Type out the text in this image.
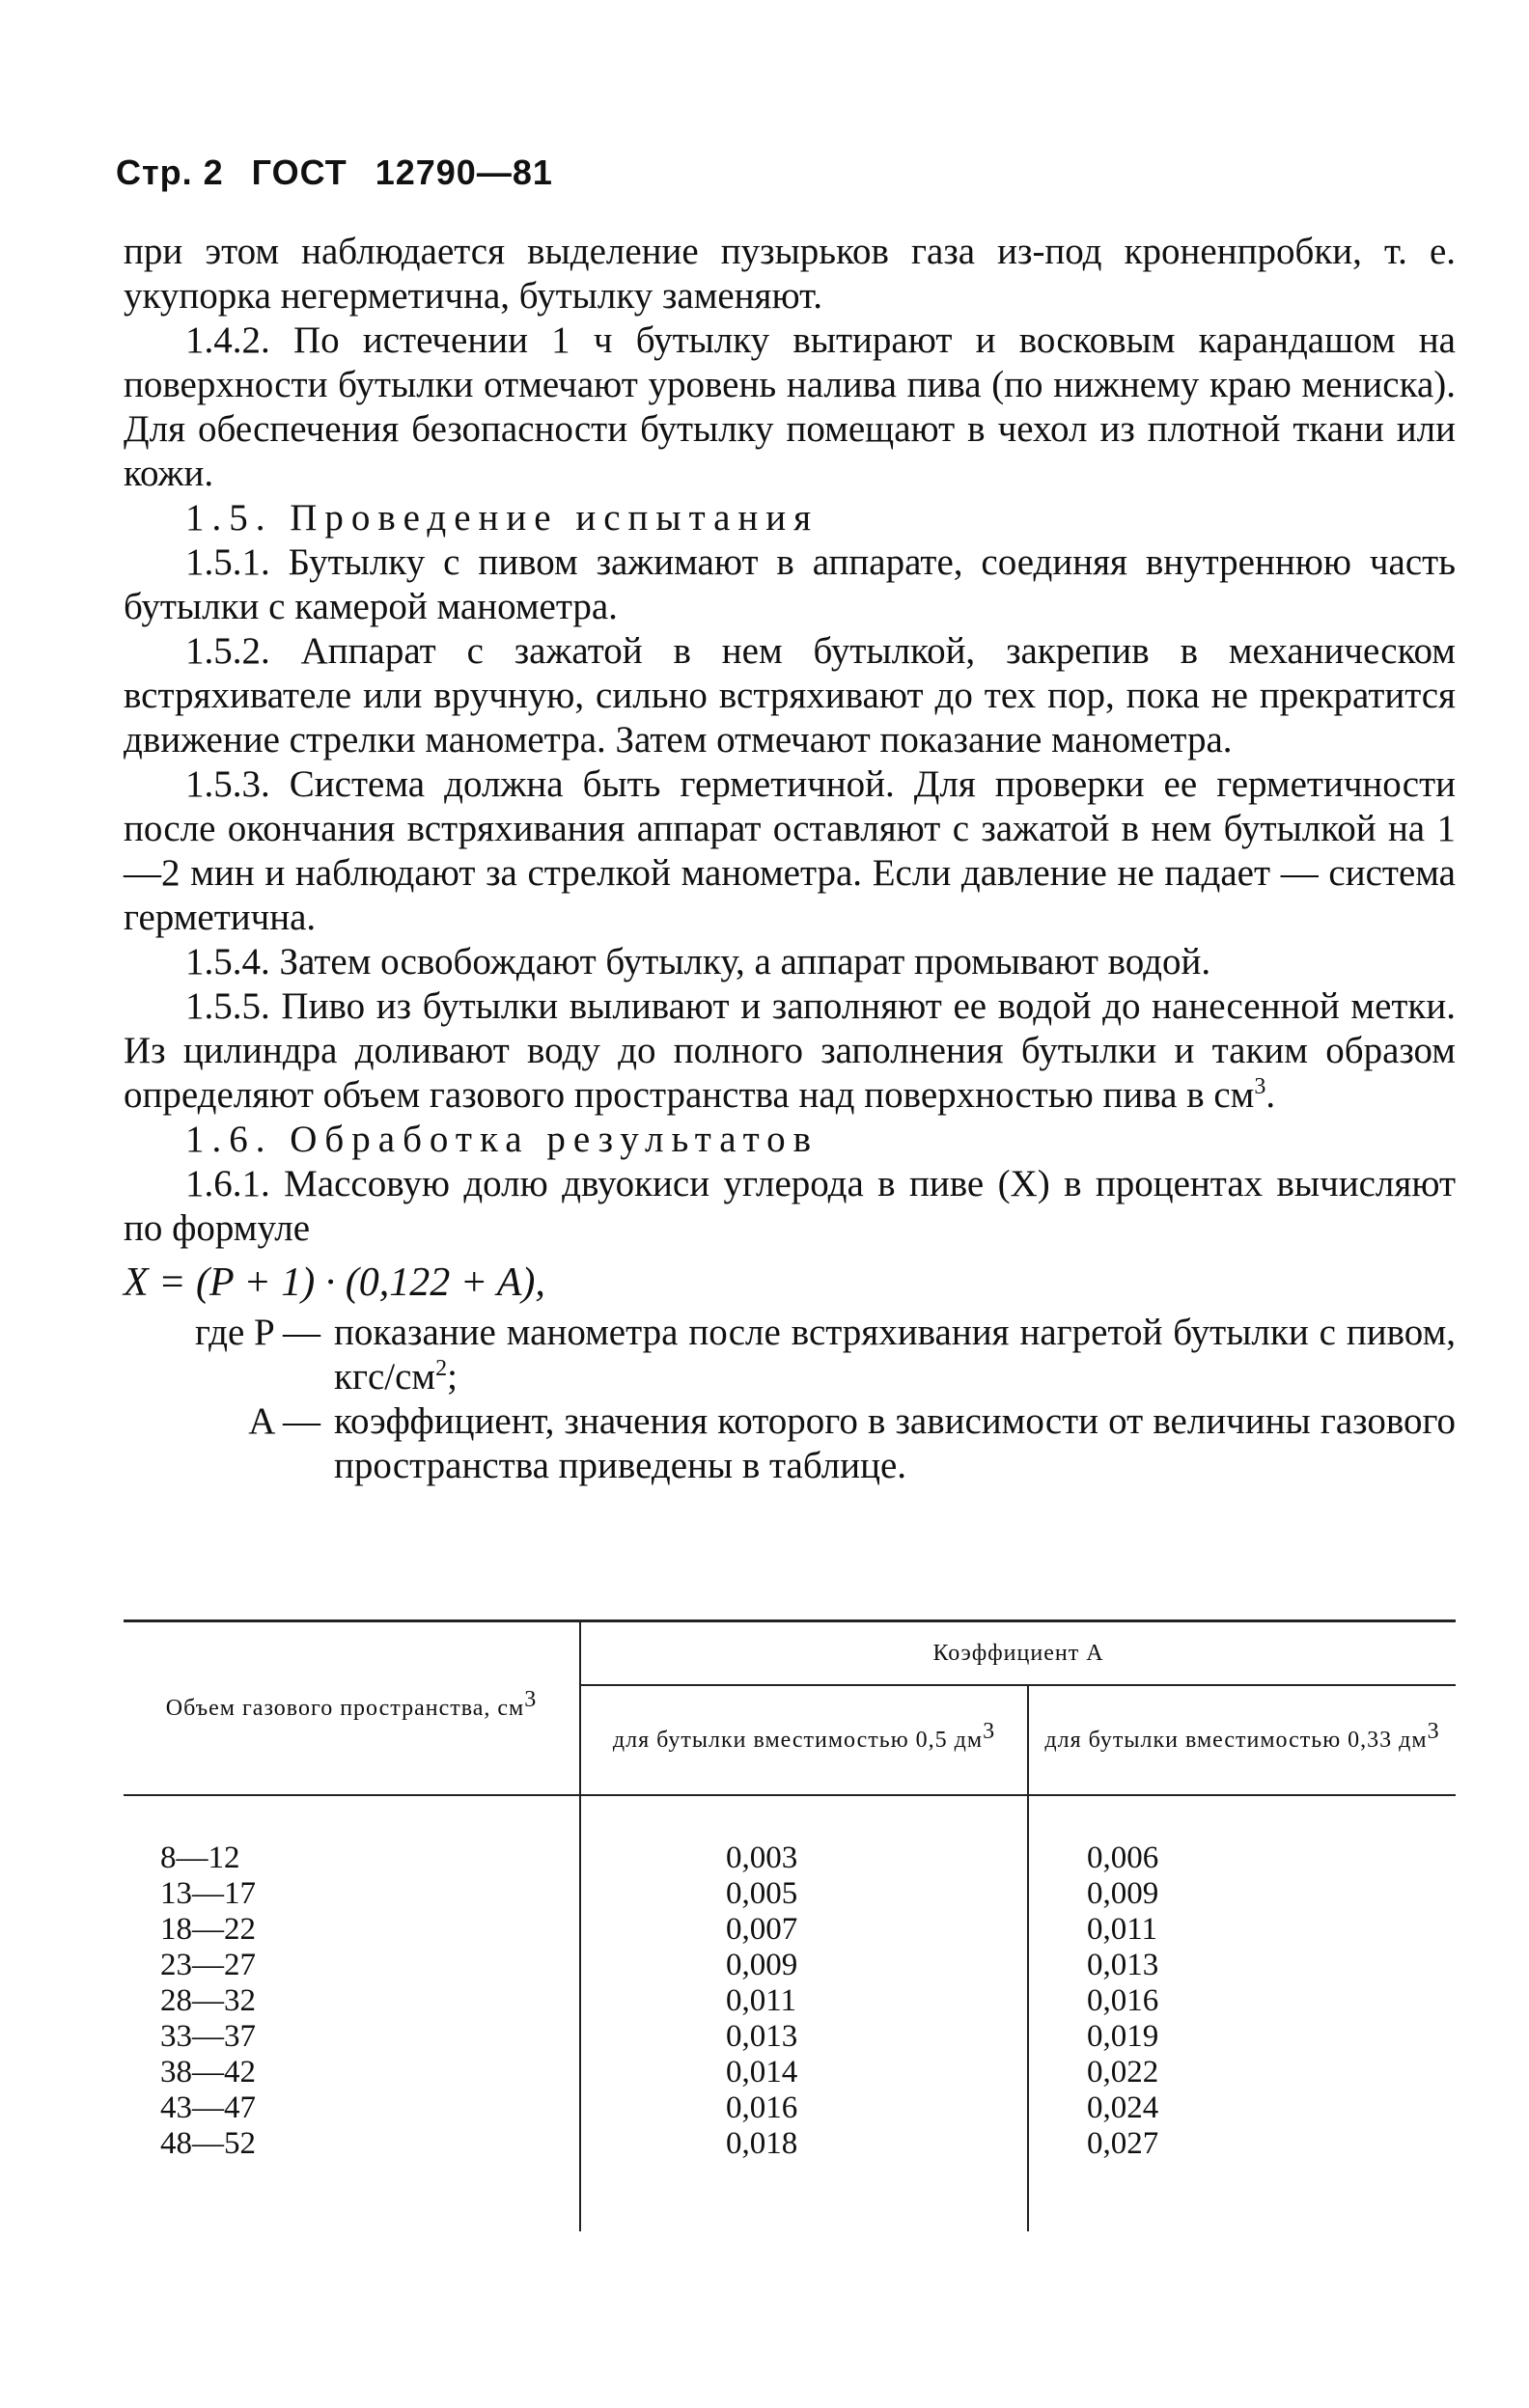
Стр. 2 ГОСТ 12790—81

при этом наблюдается выделение пузырьков газа из-под кроненпробки, т. е. укупорка негерметична, бутылку заменяют.

1.4.2. По истечении 1 ч бутылку вытирают и восковым карандашом на поверхности бутылки отмечают уровень налива пива (по нижнему краю мениска). Для обеспечения безопасности бутылку помещают в чехол из плотной ткани или кожи.

1.5. Проведение испытания

1.5.1. Бутылку с пивом зажимают в аппарате, соединяя внутреннюю часть бутылки с камерой манометра.

1.5.2. Аппарат с зажатой в нем бутылкой, закрепив в механическом встряхивателе или вручную, сильно встряхивают до тех пор, пока не прекратится движение стрелки манометра. Затем отмечают показание манометра.

1.5.3. Система должна быть герметичной. Для проверки ее герметичности после окончания встряхивания аппарат оставляют с зажатой в нем бутылкой на 1—2 мин и наблюдают за стрелкой манометра. Если давление не падает — система герметична.

1.5.4. Затем освобождают бутылку, а аппарат промывают водой.

1.5.5. Пиво из бутылки выливают и заполняют ее водой до нанесенной метки. Из цилиндра доливают воду до полного заполнения бутылки и таким образом определяют объем газового пространства над поверхностью пива в $см^3$.

1.6. Обработка результатов

1.6.1. Массовую долю двуокиси углерода в пиве (X) в процентах вычисляют по формуле

X = (P + 1) · (0,122 + A),

где P — показание манометра после встряхивания нагретой бутылки с пивом, кгс/$см^2$;
A — коэффициент, значения которого в зависимости от величины газового пространства приведены в таблице.
Объем газового пространства, $см^3$	Коэффициент A	
	для бутылки вместимостью 0,5 $дм^3$	для бутылки вместимостью 0,33 $дм^3$

8—12	0,003	0,006
13—17	0,005	0,009
18—22	0,007	0,011
23—27	0,009	0,013
28—32	0,011	0,016
33—37	0,013	0,019
38—42	0,014	0,022
43—47	0,016	0,024
48—52	0,018	0,027
